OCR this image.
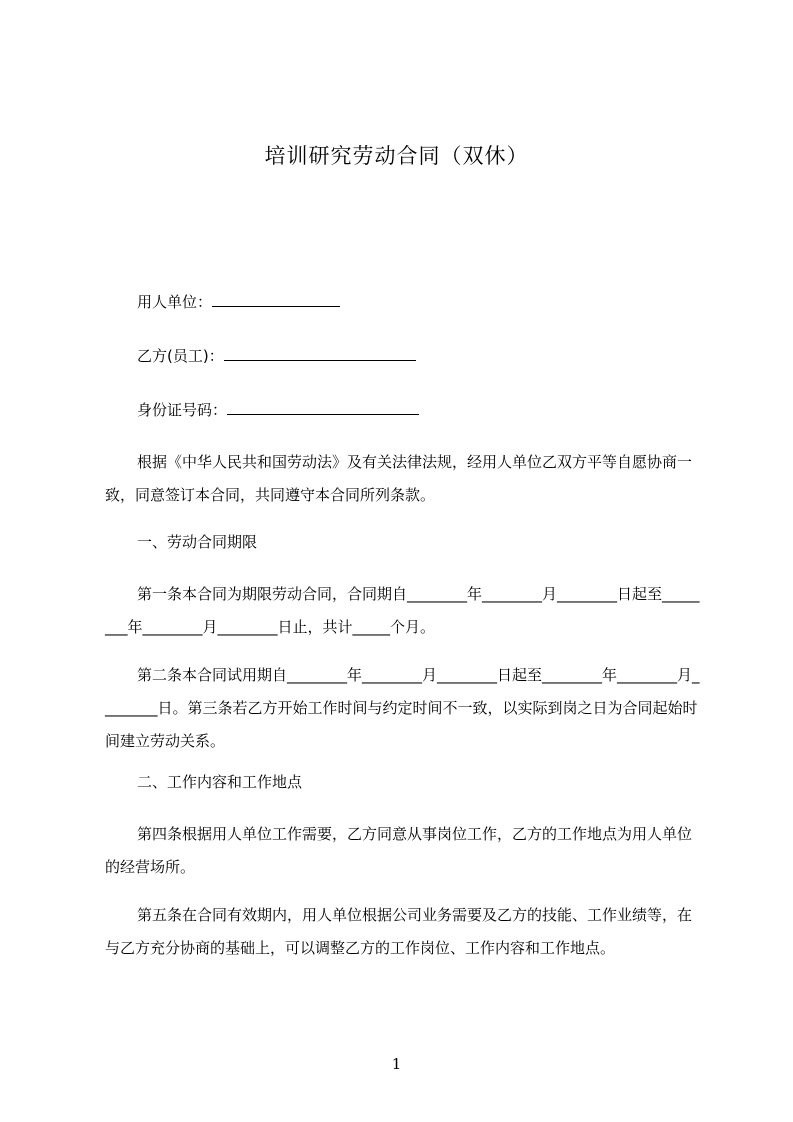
培训研究劳动合同（双休）
用人单位：
乙方(员工)：
身份证号码：
根据《中华人民共和国劳动法》及有关法律法规，经用人单位乙双方平等自愿协商一致，同意签订本合同，共同遵守本合同所列条款。
一、劳动合同期限
第一条本合同为期限劳动合同，合同期自________年________月________日起至________年________月________日止，共计_____个月。
第二条本合同试用期自________年________月________日起至________年________月________日。第三条若乙方开始工作时间与约定时间不一致，以实际到岗之日为合同起始时间建立劳动关系。
二、工作内容和工作地点
第四条根据用人单位工作需要，乙方同意从事岗位工作，乙方的工作地点为用人单位的经营场所。
第五条在合同有效期内，用人单位根据公司业务需要及乙方的技能、工作业绩等，在与乙方充分协商的基础上，可以调整乙方的工作岗位、工作内容和工作地点。
1
